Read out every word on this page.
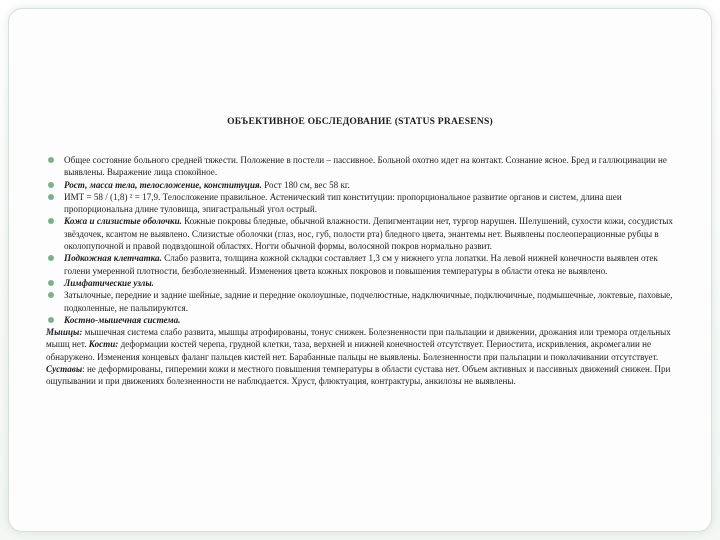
ОБЪЕКТИВНОЕ ОБСЛЕДОВАНИЕ (STATUS PRAESENS)
Общее состояние больного средней тяжести. Положение в постели – пассивное. Больной охотно идет на контакт. Сознание ясное. Бред и галлюцинации не выявлены. Выражение лица спокойное.
Рост, масса тела, телосложение, конституция. Рост 180 см, вес 58 кг.
ИМТ = 58 / (1,8) ² = 17,9. Телосложение правильное. Астенический тип конституции: пропорциональное развитие органов и систем, длина шеи пропорциональна длине туловища, эпигастральный угол острый.
Кожа и слизистые оболочки. Кожные покровы бледные, обычной влажности. Депигментации нет, тургор нарушен. Шелушений, сухости кожи, сосудистых звёздочек, ксантом не выявлено. Слизистые оболочки (глаз, нос, губ, полости рта) бледного цвета, энантемы нет. Выявлены послеоперационные рубцы в околопупочной и правой подвздошной областях. Ногти обычной формы, волосяной покров нормально развит.
Подкожная клетчатка. Слабо развита, толщина кожной складки составляет 1,3 см у нижнего угла лопатки. На левой нижней конечности выявлен отек голени умеренной плотности, безболезненный. Изменения цвета кожных покровов и повышения температуры в области отека не выявлено.
Лимфатические узлы.
Затылочные, передние и задние шейные, задние и передние околоушные, подчелюстные, надключичные, подключичные, подмышечные, локтевые, паховые, подколенные, не пальпируются.
Костно-мышечная система.

Мышцы: мышечная система слабо развита, мышцы атрофированы, тонус снижен. Болезненности при пальпации и движении, дрожания или тремора отдельных мышц нет. Кости: деформации костей черепа, грудной клетки, таза, верхней и нижней конечностей отсутствует. Периостита, искривления, акромегалии не обнаружено. Изменения концевых фаланг пальцев кистей нет. Барабанные пальцы не выявлены. Болезненности при пальпации и поколачивании отсутствует.

Суставы: не деформированы, гиперемии кожи и местного повышения температуры в области сустава нет. Объем активных и пассивных движений снижен. При ощупывании и при движениях болезненности не наблюдается. Хруст, флюктуация, контрактуры, анкилозы не выявлены.
